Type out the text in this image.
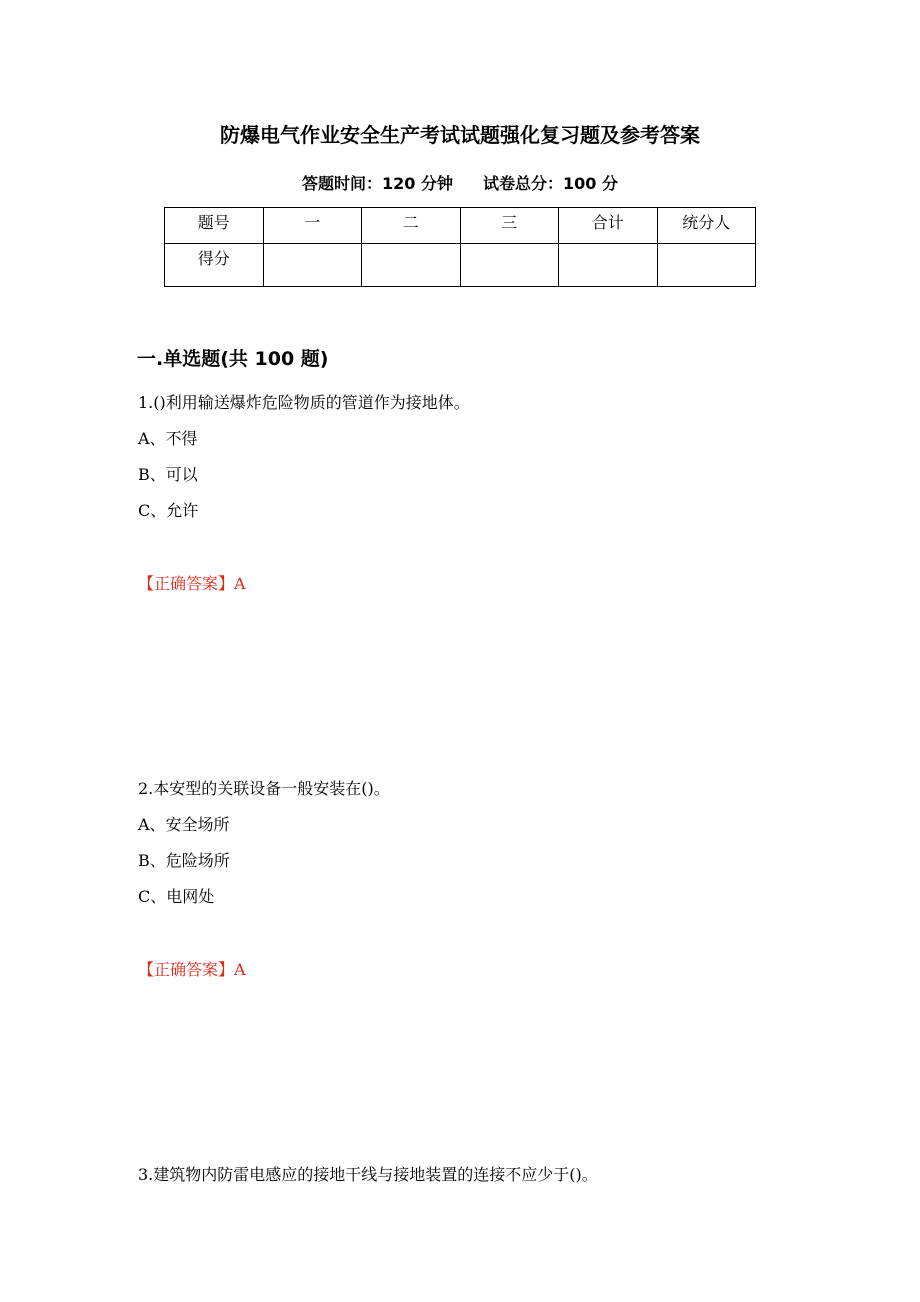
防爆电气作业安全生产考试试题强化复习题及参考答案
答题时间：120 分钟 试卷总分：100 分
题号	一	二	三	合计	统分人
得分					
一.单选题(共 100 题)
1.()利用输送爆炸危险物质的管道作为接地体。
A、不得
B、可以
C、允许
【正确答案】A
2.本安型的关联设备一般安装在()。
A、安全场所
B、危险场所
C、电网处
【正确答案】A
3.建筑物内防雷电感应的接地干线与接地装置的连接不应少于()。
